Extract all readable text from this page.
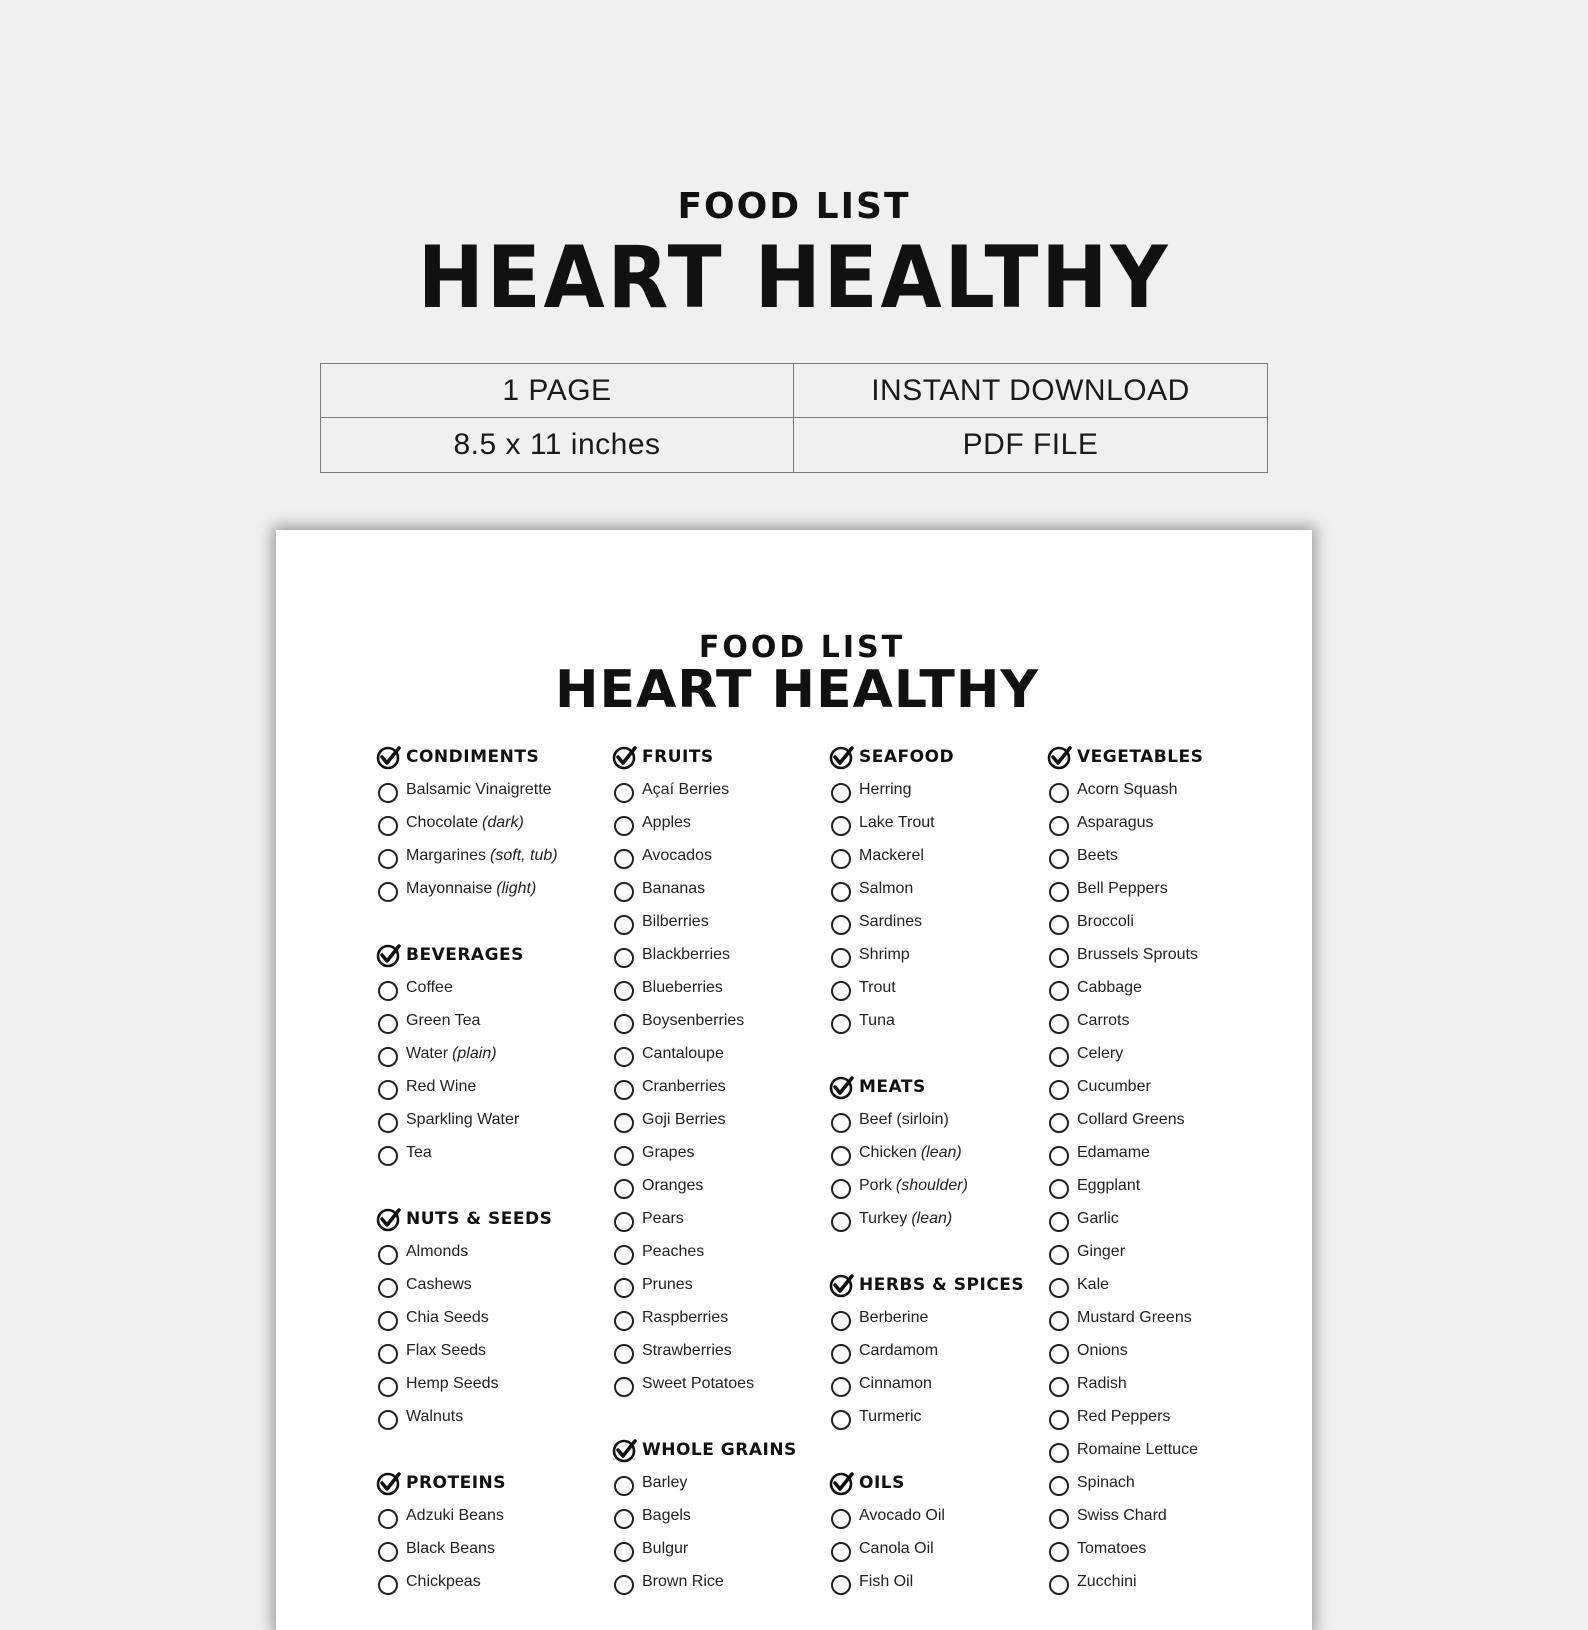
FOOD LIST
HEART HEALTHY
1 PAGE	INSTANT DOWNLOAD
8.5 x 11 inches	PDF FILE
FOOD LIST
HEART HEALTHY
CONDIMENTS
Balsamic Vinaigrette
Chocolate (dark)
Margarines (soft, tub)
Mayonnaise (light)
BEVERAGES
Coffee
Green Tea
Water (plain)
Red Wine
Sparkling Water
Tea
NUTS & SEEDS
Almonds
Cashews
Chia Seeds
Flax Seeds
Hemp Seeds
Walnuts
PROTEINS
Adzuki Beans
Black Beans
Chickpeas
FRUITS
Açaí Berries
Apples
Avocados
Bananas
Bilberries
Blackberries
Blueberries
Boysenberries
Cantaloupe
Cranberries
Goji Berries
Grapes
Oranges
Pears
Peaches
Prunes
Raspberries
Strawberries
Sweet Potatoes
WHOLE GRAINS
Barley
Bagels
Bulgur
Brown Rice
SEAFOOD
Herring
Lake Trout
Mackerel
Salmon
Sardines
Shrimp
Trout
Tuna
MEATS
Beef (sirloin)
Chicken (lean)
Pork (shoulder)
Turkey (lean)
HERBS & SPICES
Berberine
Cardamom
Cinnamon
Turmeric
OILS
Avocado Oil
Canola Oil
Fish Oil
VEGETABLES
Acorn Squash
Asparagus
Beets
Bell Peppers
Broccoli
Brussels Sprouts
Cabbage
Carrots
Celery
Cucumber
Collard Greens
Edamame
Eggplant
Garlic
Ginger
Kale
Mustard Greens
Onions
Radish
Red Peppers
Romaine Lettuce
Spinach
Swiss Chard
Tomatoes
Zucchini
